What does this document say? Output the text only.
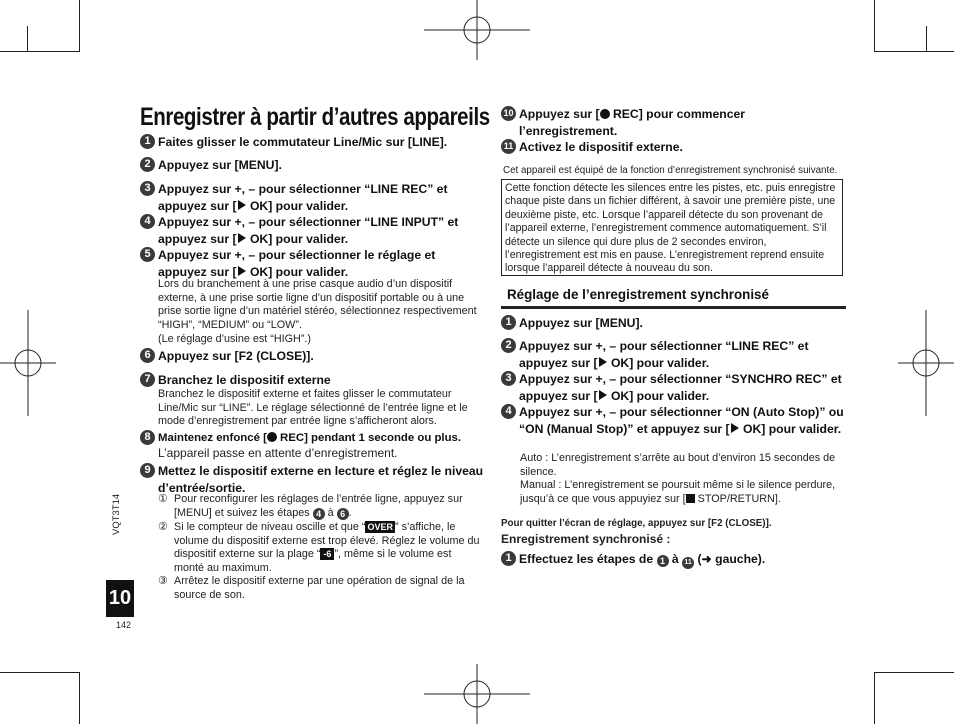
Enregistrer à partir d’autres appareils
1 Faites glisser le commutateur Line/Mic sur [LINE].
2 Appuyez sur [MENU].
3 Appuyez sur +, – pour sélectionner “LINE REC” et appuyez sur [ OK] pour valider.
4 Appuyez sur +, – pour sélectionner “LINE INPUT” et appuyez sur [ OK] pour valider.
5 Appuyez sur +, – pour sélectionner le réglage et appuyez sur [ OK] pour valider.
Lors du branchement à une prise casque audio d’un dispositif externe, à une prise sortie ligne d’un dispositif portable ou à une prise sortie ligne d’un matériel stéréo, sélectionnez respectivement “HIGH”, “MEDIUM” ou “LOW”.
(Le réglage d’usine est “HIGH”.)
6 Appuyez sur [F2 (CLOSE)].
7 Branchez le dispositif externe
Branchez le dispositif externe et faites glisser le commutateur Line/Mic sur “LINE”. Le réglage sélectionné de l’entrée ligne et le mode d’enregistrement par entrée ligne s’afficheront alors.
8 Maintenez enfoncé [ REC] pendant 1 seconde ou plus.
L’appareil passe en attente d’enregistrement.
9 Mettez le dispositif externe en lecture et réglez le niveau d’entrée/sortie.
① Pour reconfigurer les réglages de l’entrée ligne, appuyez sur [MENU] et suivez les étapes 4 à 6 .
② Si le compteur de niveau oscille et que “ OVER ” s’affiche, le volume du dispositif externe est trop élevé. Réglez le volume du dispositif externe sur la plage “ -6 ”, même si le volume est monté au maximum.
③ Arrêtez le dispositif externe par une opération de signal de la source de son.
VQT3T14
10
142
10 Appuyez sur [ REC] pour commencer l’enregistrement.
11 Activez le dispositif externe.
Cet appareil est équipé de la fonction d’enregistrement synchronisé suivante.
Cette fonction détecte les silences entre les pistes, etc. puis enregistre chaque piste dans un fichier différent, à savoir une première piste, une deuxième piste, etc. Lorsque l’appareil détecte du son provenant de l’appareil externe, l’enregistrement commence automatiquement. S’il détecte un silence qui dure plus de 2 secondes environ, l’enregistrement est mis en pause. L’enregistrement reprend ensuite lorsque l’appareil détecte à nouveau du son.
Réglage de l’enregistrement synchronisé
1 Appuyez sur [MENU].
2 Appuyez sur +, – pour sélectionner “LINE REC” et appuyez sur [ OK] pour valider.
3 Appuyez sur +, – pour sélectionner “SYNCHRO REC” et appuyez sur [ OK] pour valider.
4 Appuyez sur +, – pour sélectionner “ON (Auto Stop)” ou “ON (Manual Stop)” et appuyez sur [ OK] pour valider.
Auto : L’enregistrement s’arrête au bout d’environ 15 secondes de silence.
Manual : L’enregistrement se poursuit même si le silence perdure, jusqu’à ce que vous appuyiez sur [ STOP/RETURN].
Pour quitter l’écran de réglage, appuyez sur [F2 (CLOSE)].
Enregistrement synchronisé :
1 Effectuez les étapes de 1 à 11 (➜ gauche).
